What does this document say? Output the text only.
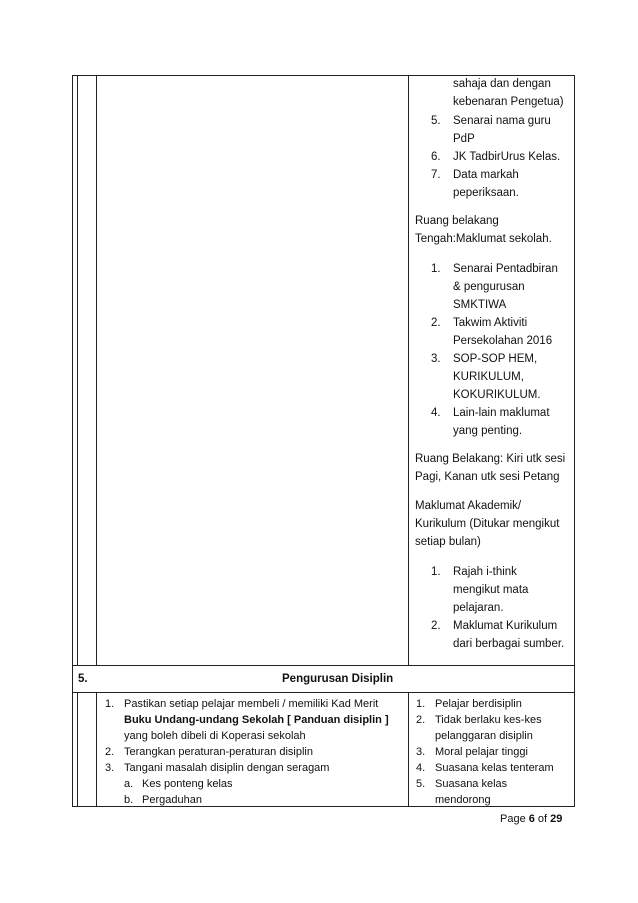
sahaja dan dengan
kebenaran Pengetua)
5. Senarai nama guru
PdP
6. JK TadbirUrus Kelas.
7. Data markah
peperiksaan.
Ruang belakang
Tengah:Maklumat sekolah.
1. Senarai Pentadbiran
& pengurusan
SMKTIWA
2. Takwim Aktiviti
Persekolahan 2016
3. SOP-SOP HEM,
KURIKULUM,
KOKURIKULUM.
4. Lain-lain maklumat
yang penting.
Ruang Belakang: Kiri utk sesi
Pagi, Kanan utk sesi Petang
Maklumat Akademik/
Kurikulum (Ditukar mengikut
setiap bulan)
1. Rajah i-think
mengikut mata
pelajaran.
2. Maklumat Kurikulum
dari berbagai sumber.
5.	Pengurusan Disiplin
1. Pastikan setiap pelajar membeli / memiliki Kad Merit
Buku Undang-undang Sekolah [ Panduan disiplin ]
yang boleh dibeli di Koperasi sekolah
2. Terangkan peraturan-peraturan disiplin
3. Tangani masalah disiplin dengan seragam
a. Kes ponteng kelas
b. Pergaduhan
1. Pelajar berdisiplin
2. Tidak berlaku kes-kes
pelanggaran disiplin
3. Moral pelajar tinggi
4. Suasana kelas tenteram
5. Suasana kelas
mendorong
Page 6 of 29
